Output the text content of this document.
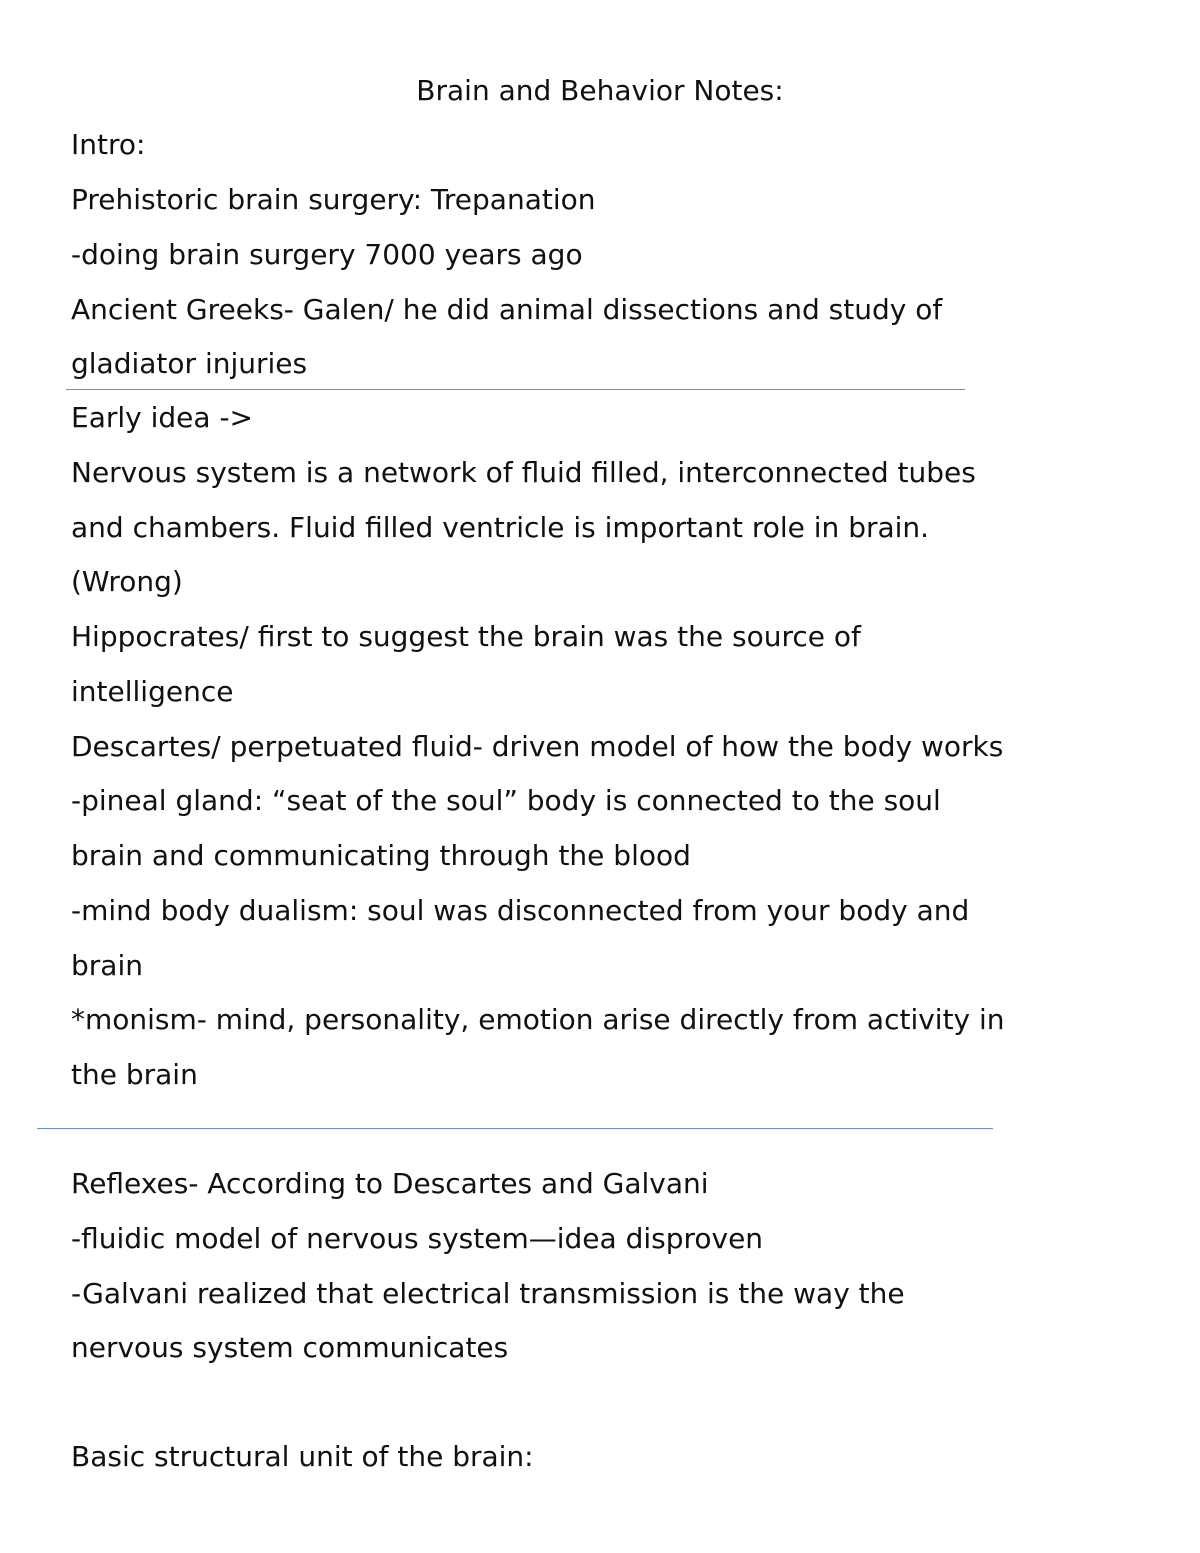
Brain and Behavior Notes:

Intro:

Prehistoric brain surgery: Trepanation

-doing brain surgery 7000 years ago

Ancient Greeks- Galen/ he did animal dissections and study of

gladiator injuries

Early idea ->

Nervous system is a network of fluid filled, interconnected tubes

and chambers. Fluid filled ventricle is important role in brain.

(Wrong)

Hippocrates/ first to suggest the brain was the source of

intelligence

Descartes/ perpetuated fluid- driven model of how the body works

-pineal gland: “seat of the soul” body is connected to the soul

brain and communicating through the blood

-mind body dualism: soul was disconnected from your body and

brain

*monism- mind, personality, emotion arise directly from activity in

the brain

Reflexes- According to Descartes and Galvani

-fluidic model of nervous system—idea disproven

-Galvani realized that electrical transmission is the way the

nervous system communicates

Basic structural unit of the brain:
